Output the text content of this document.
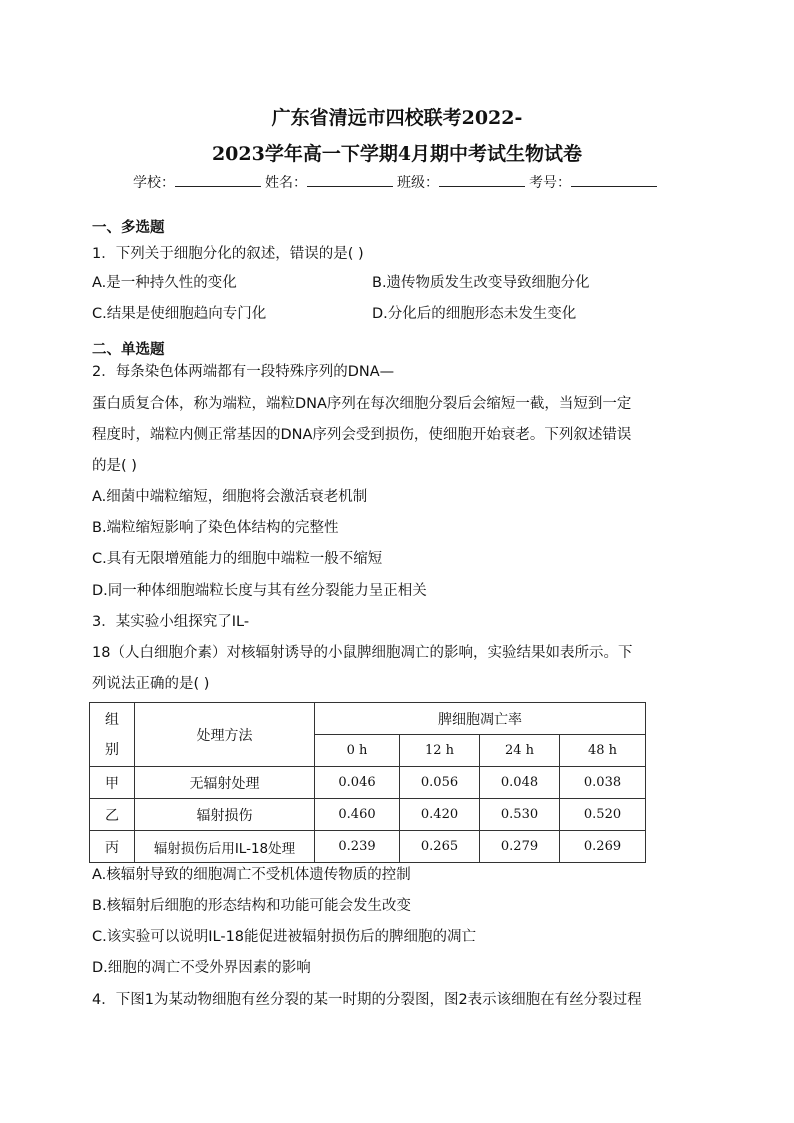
广东省清远市四校联考2022-
2023学年高一下学期4月期中考试生物试卷
学校：	姓名：	班级：	考号：
一、多选题
1．下列关于细胞分化的叙述，错误的是( )
A.是一种持久性的变化	B.遗传物质发生改变导致细胞分化
C.结果是使细胞趋向专门化	D.分化后的细胞形态未发生变化
二、单选题
2．每条染色体两端都有一段特殊序列的DNA—
蛋白质复合体，称为端粒，端粒DNA序列在每次细胞分裂后会缩短一截，当短到一定
程度时，端粒内侧正常基因的DNA序列会受到损伤，使细胞开始衰老。下列叙述错误
的是( )
A.细菌中端粒缩短，细胞将会激活衰老机制
B.端粒缩短影响了染色体结构的完整性
C.具有无限增殖能力的细胞中端粒一般不缩短
D.同一种体细胞端粒长度与其有丝分裂能力呈正相关
3．某实验小组探究了IL-
18（人白细胞介素）对核辐射诱导的小鼠脾细胞凋亡的影响，实验结果如表所示。下
列说法正确的是( )
组
别	处理方法	脾细胞凋亡率			
		0 h	12 h	24 h	48 h
甲	无辐射处理	0.046	0.056	0.048	0.038
乙	辐射损伤	0.460	0.420	0.530	0.520
丙	辐射损伤后用IL-18处理	0.239	0.265	0.279	0.269
A.核辐射导致的细胞凋亡不受机体遗传物质的控制
B.核辐射后细胞的形态结构和功能可能会发生改变
C.该实验可以说明IL-18能促进被辐射损伤后的脾细胞的凋亡
D.细胞的凋亡不受外界因素的影响
4．下图1为某动物细胞有丝分裂的某一时期的分裂图，图2表示该细胞在有丝分裂过程
